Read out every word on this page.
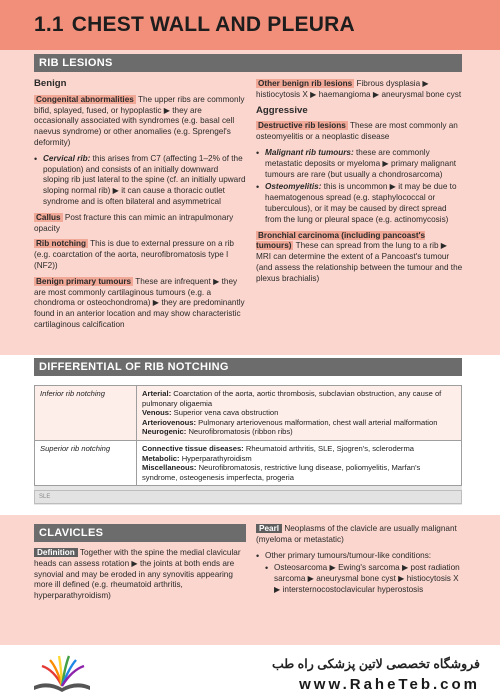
1.1 CHEST WALL AND PLEURA
RIB LESIONS
Benign

Congenital abnormalities The upper ribs are commonly bifid, splayed, fused, or hypoplastic ▶ they are occasionally associated with syndromes (e.g. basal cell naevus syndrome) or other anomalies (e.g. Sprengel's deformity)

• Cervical rib: this arises from C7 (affecting 1–2% of the population) and consists of an initially downward sloping rib just lateral to the spine (cf. an initially upward sloping normal rib) ▶ it can cause a thoracic outlet syndrome and is often bilateral and asymmetrical

Callus Post fracture this can mimic an intrapulmonary opacity

Rib notching This is due to external pressure on a rib (e.g. coarctation of the aorta, neurofibromatosis type I (NF2))

Benign primary tumours These are infrequent ▶ they are most commonly cartilaginous tumours (e.g. a chondroma or osteochondroma) ▶ they are predominantly found in an anterior location and may show characteristic cartilaginous calcification

Other benign rib lesions Fibrous dysplasia ▶ histiocytosis X ▶ haemangioma ▶ aneurysmal bone cyst

Aggressive

Destructive rib lesions These are most commonly an osteomyelitis or a neoplastic disease

• Malignant rib tumours: these are commonly metastatic deposits or myeloma ▶ primary malignant tumours are rare (but usually a chondrosarcoma)
• Osteomyelitis: this is uncommon ▶ it may be due to haematogenous spread (e.g. staphylococcal or tuberculous), or it may be caused by direct spread from the lung or pleural space (e.g. actinomycosis)

Bronchial carcinoma (including pancoast's tumours) These can spread from the lung to a rib ▶ MRI can determine the extent of a Pancoast's tumour (and assess the relationship between the tumour and the plexus brachialis)

DIFFERENTIAL OF RIB NOTCHING
Inferior rib notching	Arterial: Coarctation of the aorta, aortic thrombosis, subclavian obstruction, any cause of pulmonary oligaemia
Venous: Superior vena cava obstruction
Arteriovenous: Pulmonary arteriovenous malformation, chest wall arterial malformation
Neurogenic: Neurofibromatosis (ribbon ribs)

Superior rib notching	Connective tissue diseases: Rheumatoid arthritis, SLE, Sjogren's, scleroderma
Metabolic: Hyperparathyroidism
Miscellaneous: Neurofibromatosis, restrictive lung disease, poliomyelitis, Marfan's syndrome, osteogenesis imperfecta, progeria
SLE
CLAVICLES

Definition Together with the spine the medial clavicular heads can assess rotation ▶ the joints at both ends are synovial and may be eroded in any synovitis appearing more ill defined (e.g. rheumatoid arthritis, hyperparathyroidism)

Pearl Neoplasms of the clavicle are usually malignant (myeloma or metastatic)

• Other primary tumours/tumour-like conditions:
• Osteosarcoma ▶ Ewing's sarcoma ▶ post radiation sarcoma ▶ aneurysmal bone cyst ▶ histiocytosis X ▶ intersternocostoclavicular hyperostosis
فروشگاه تخصصی لاتین پزشکی راه طب
www.RaheTeb.com
